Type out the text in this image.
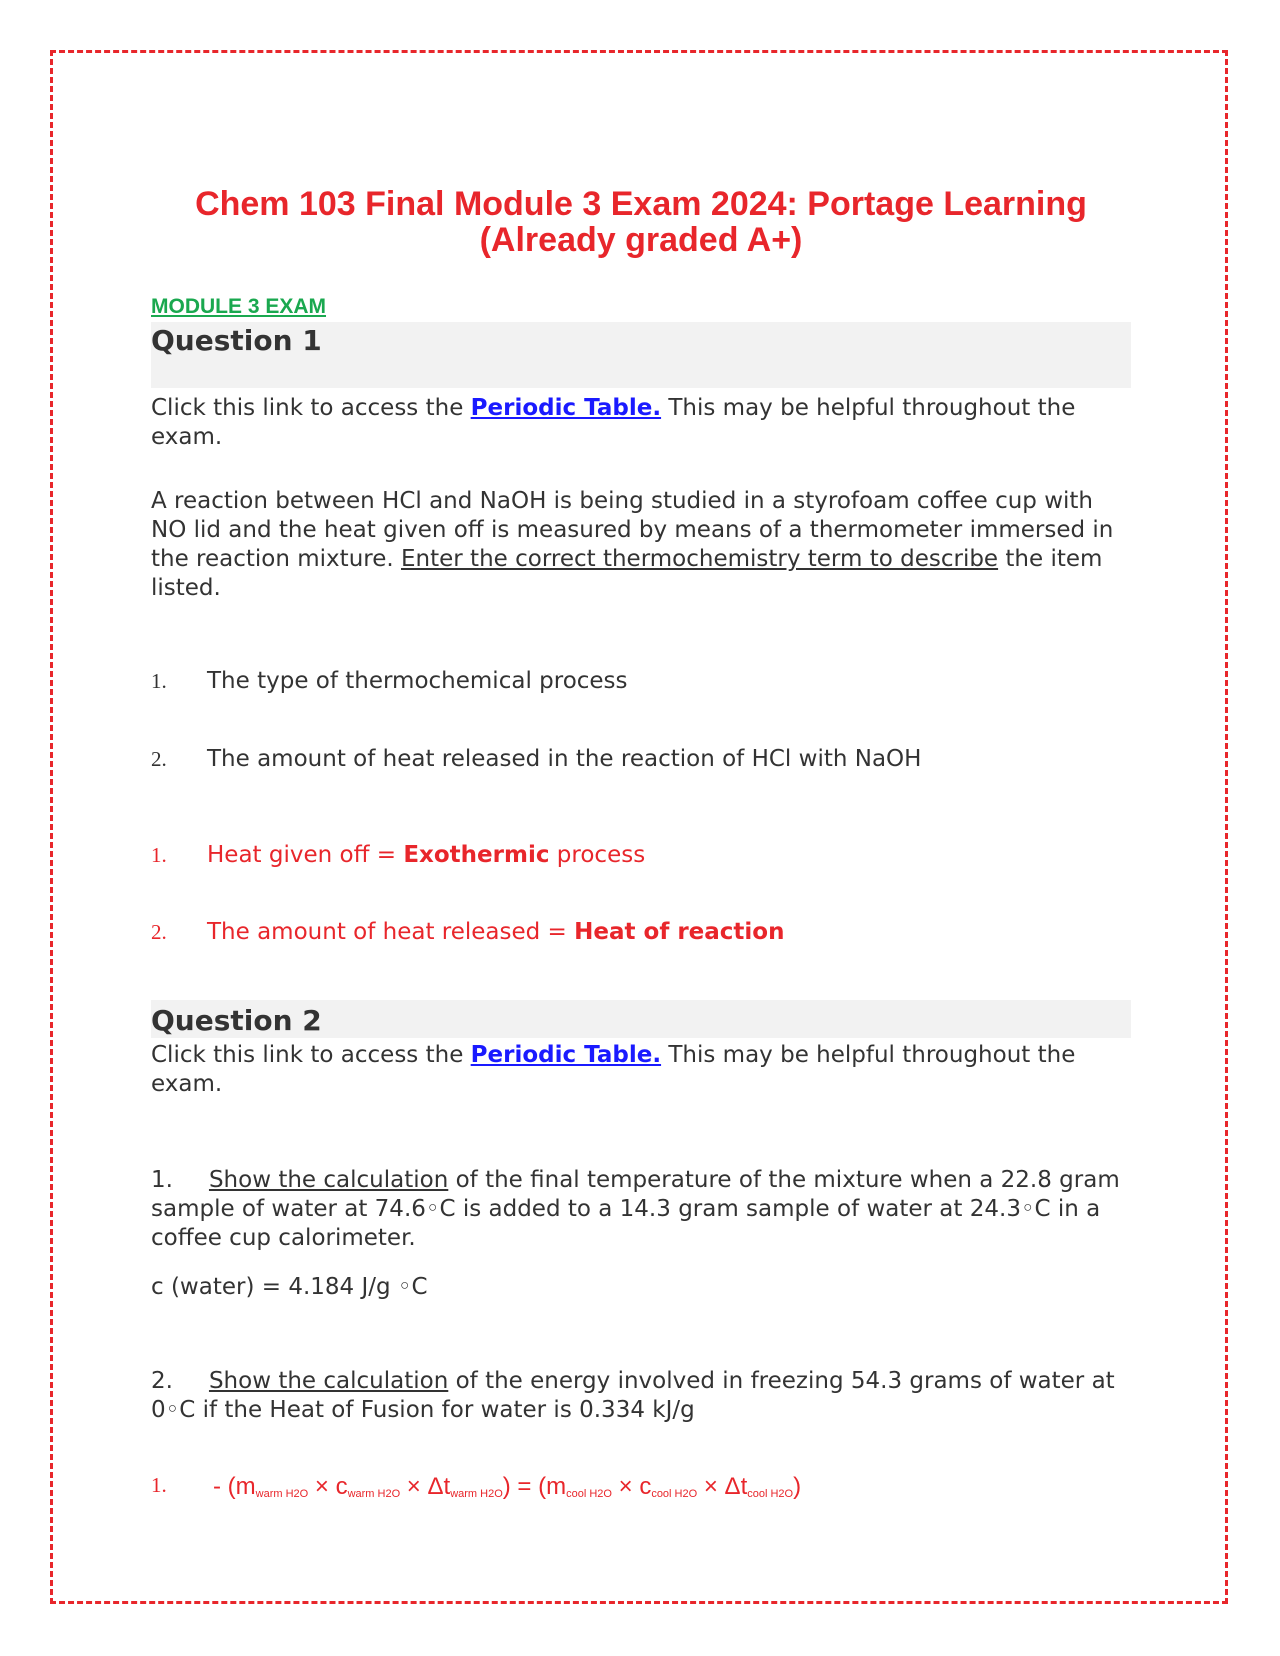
Chem 103 Final Module 3 Exam 2024: Portage Learning
(Already graded A+)
MODULE 3 EXAM
Question 1
Click this link to access the Periodic Table. This may be helpful throughout the exam.
A reaction between HCl and NaOH is being studied in a styrofoam coffee cup with NO lid and the heat given off is measured by means of a thermometer immersed in the reaction mixture. Enter the correct thermochemistry term to describe the item listed.
1. The type of thermochemical process
2. The amount of heat released in the reaction of HCl with NaOH
1. Heat given off = Exothermic process
2. The amount of heat released = Heat of reaction
Question 2
Click this link to access the Periodic Table. This may be helpful throughout the exam.
1. Show the calculation of the final temperature of the mixture when a 22.8 gram sample of water at 74.6◦C is added to a 14.3 gram sample of water at 24.3◦C in a coffee cup calorimeter.
c (water) = 4.184 J/g ◦C
2. Show the calculation of the energy involved in freezing 54.3 grams of water at 0◦C if the Heat of Fusion for water is 0.334 kJ/g
1. - $(m_{warm H2O} \times c_{warm H2O} \times \Delta t_{warm H2O}) = (m_{cool H2O} \times c_{cool H2O} \times \Delta t_{cool H2O})$
